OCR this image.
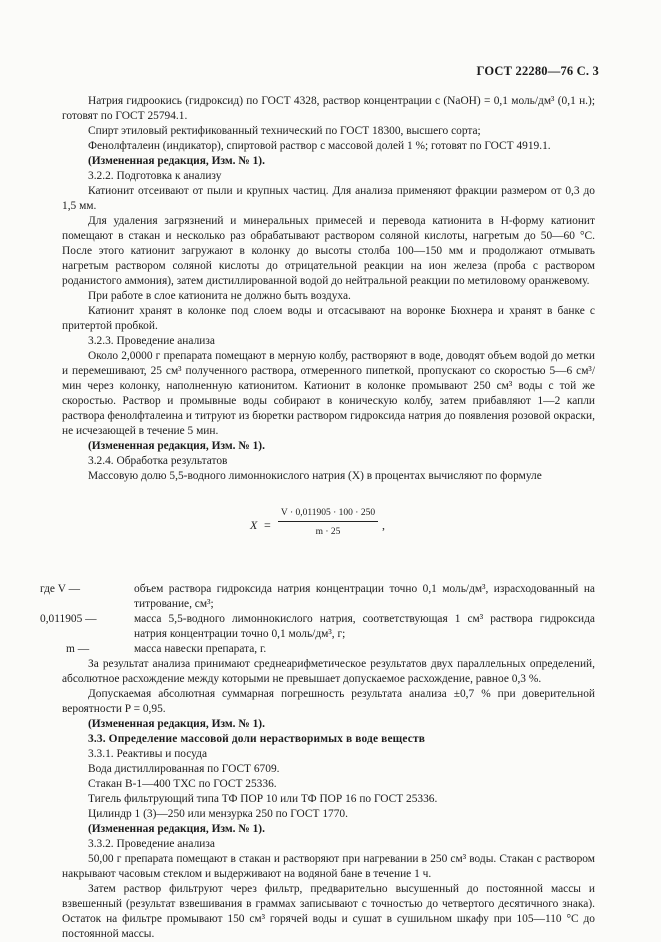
ГОСТ 22280—76 С. 3

Натрия гидроокись (гидроксид) по ГОСТ 4328, раствор концентрации с (NaOH) = 0,1 моль/дм³ (0,1 н.); готовят по ГОСТ 25794.1.

Спирт этиловый ректификованный технический по ГОСТ 18300, высшего сорта;

Фенолфталеин (индикатор), спиртовой раствор с массовой долей 1 %; готовят по ГОСТ 4919.1.

(Измененная редакция, Изм. № 1).

3.2.2. Подготовка к анализу

Катионит отсеивают от пыли и крупных частиц. Для анализа применяют фракции размером от 0,3 до 1,5 мм.

Для удаления загрязнений и минеральных примесей и перевода катионита в Н-форму катионит помещают в стакан и несколько раз обрабатывают раствором соляной кислоты, нагретым до 50—60 °С. После этого катионит загружают в колонку до высоты столба 100—150 мм и продолжают отмывать нагретым раствором соляной кислоты до отрицательной реакции на ион железа (проба с раствором роданистого аммония), затем дистиллированной водой до нейтральной реакции по метиловому оранжевому.

При работе в слое катионита не должно быть воздуха.

Катионит хранят в колонке под слоем воды и отсасывают на воронке Бюхнера и хранят в банке с притертой пробкой.

3.2.3. Проведение анализа

Около 2,0000 г препарата помещают в мерную колбу, растворяют в воде, доводят объем водой до метки и перемешивают, 25 см³ полученного раствора, отмеренного пипеткой, пропускают со скоростью 5—6 см³/мин через колонку, наполненную катионитом. Катионит в колонке промывают 250 см³ воды с той же скоростью. Раствор и промывные воды собирают в коническую колбу, затем прибавляют 1—2 капли раствора фенолфталеина и титруют из бюретки раствором гидроксида натрия до появления розовой окраски, не исчезающей в течение 5 мин.

(Измененная редакция, Изм. № 1).

3.2.4. Обработка результатов

Массовую долю 5,5-водного лимоннокислого натрия (X) в процентах вычисляют по формуле

X =
V · 0,011905 · 100 · 250
m · 25	,
где V —	объем раствора гидроксида натрия концентрации точно 0,1 моль/дм³, израсходованный на титрование, см³;
0,011905 —	масса 5,5-водного лимоннокислого натрия, соответствующая 1 см³ раствора гидроксида натрия концентрации точно 0,1 моль/дм³, г;
m —	масса навески препарата, г.

За результат анализа принимают среднеарифметическое результатов двух параллельных определений, абсолютное расхождение между которыми не превышает допускаемое расхождение, равное 0,3 %.

Допускаемая абсолютная суммарная погрешность результата анализа ±0,7 % при доверительной вероятности P = 0,95.

(Измененная редакция, Изм. № 1).

3.3. Определение массовой доли нерастворимых в воде веществ

3.3.1. Реактивы и посуда

Вода дистиллированная по ГОСТ 6709.

Стакан В-1—400 ТХС по ГОСТ 25336.

Тигель фильтрующий типа ТФ ПОР 10 или ТФ ПОР 16 по ГОСТ 25336.

Цилиндр 1 (3)—250 или мензурка 250 по ГОСТ 1770.

(Измененная редакция, Изм. № 1).

3.3.2. Проведение анализа

50,00 г препарата помещают в стакан и растворяют при нагревании в 250 см³ воды. Стакан с раствором накрывают часовым стеклом и выдерживают на водяной бане в течение 1 ч.

Затем раствор фильтруют через фильтр, предварительно высушенный до постоянной массы и взвешенный (результат взвешивания в граммах записывают с точностью до четвертого десятичного знака). Остаток на фильтре промывают 150 см³ горячей воды и сушат в сушильном шкафу при 105—110 °С до постоянной массы.
